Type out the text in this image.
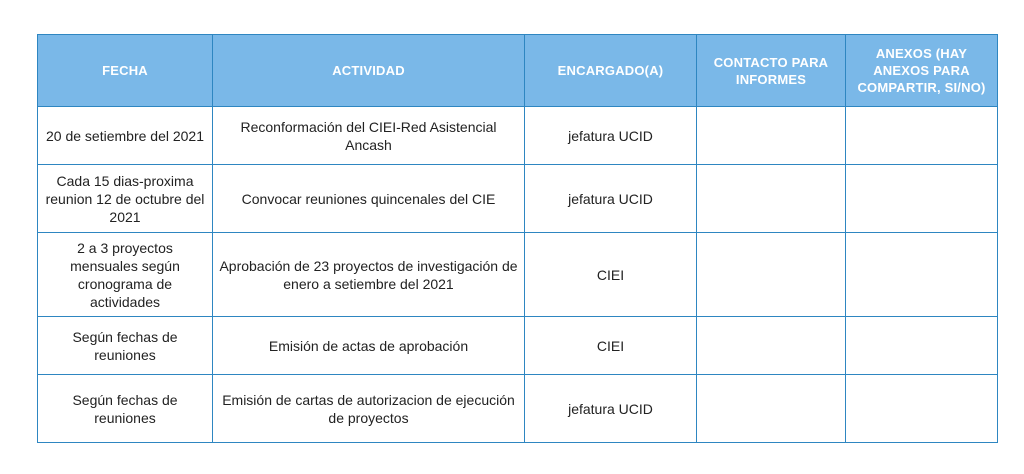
FECHA	ACTIVIDAD	ENCARGADO(A)	CONTACTO PARA INFORMES	ANEXOS (HAY ANEXOS PARA COMPARTIR, SI/NO)
20 de setiembre del 2021	Reconformación del CIEI-Red Asistencial Ancash	jefatura UCID		
Cada 15 dias-proxima reunion 12 de octubre del 2021	Convocar reuniones quincenales del CIE	jefatura UCID		
2 a 3 proyectos mensuales según cronograma de actividades	Aprobación de 23 proyectos de investigación de enero a setiembre del 2021	CIEI		
Según fechas de reuniones	Emisión de actas de aprobación	CIEI		
Según fechas de reuniones	Emisión de cartas de autorizacion de ejecución de proyectos	jefatura UCID		
